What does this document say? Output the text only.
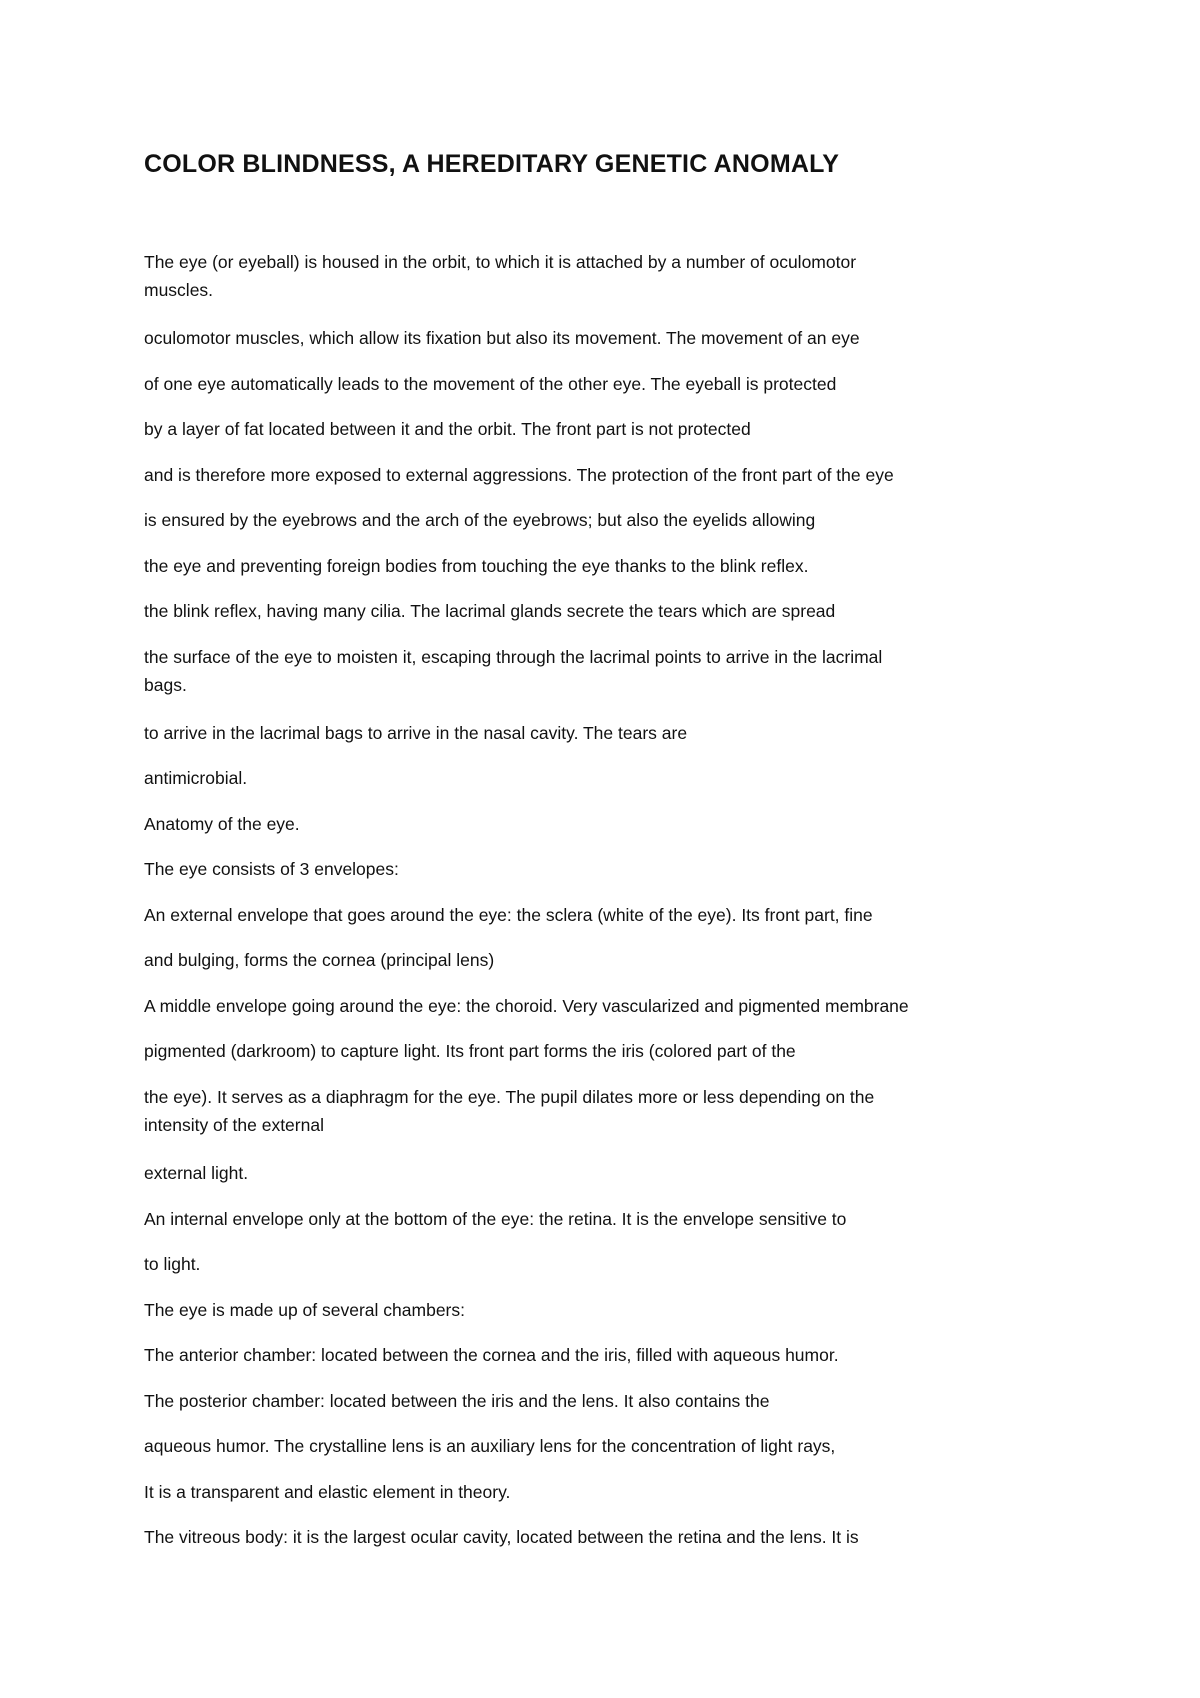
COLOR BLINDNESS, A HEREDITARY GENETIC ANOMALY

The eye (or eyeball) is housed in the orbit, to which it is attached by a number of oculomotor

muscles.

oculomotor muscles, which allow its fixation but also its movement. The movement of an eye

of one eye automatically leads to the movement of the other eye. The eyeball is protected

by a layer of fat located between it and the orbit. The front part is not protected

and is therefore more exposed to external aggressions. The protection of the front part of the eye

is ensured by the eyebrows and the arch of the eyebrows; but also the eyelids allowing

the eye and preventing foreign bodies from touching the eye thanks to the blink reflex.

the blink reflex, having many cilia. The lacrimal glands secrete the tears which are spread

the surface of the eye to moisten it, escaping through the lacrimal points to arrive in the lacrimal

bags.

to arrive in the lacrimal bags to arrive in the nasal cavity. The tears are

antimicrobial.

Anatomy of the eye.

The eye consists of 3 envelopes:

An external envelope that goes around the eye: the sclera (white of the eye). Its front part, fine

and bulging, forms the cornea (principal lens)

A middle envelope going around the eye: the choroid. Very vascularized and pigmented membrane

pigmented (darkroom) to capture light. Its front part forms the iris (colored part of the

the eye). It serves as a diaphragm for the eye. The pupil dilates more or less depending on the

intensity of the external

external light.

An internal envelope only at the bottom of the eye: the retina. It is the envelope sensitive to

to light.

The eye is made up of several chambers:

The anterior chamber: located between the cornea and the iris, filled with aqueous humor.

The posterior chamber: located between the iris and the lens. It also contains the

aqueous humor. The crystalline lens is an auxiliary lens for the concentration of light rays,

It is a transparent and elastic element in theory.

The vitreous body: it is the largest ocular cavity, located between the retina and the lens. It is
